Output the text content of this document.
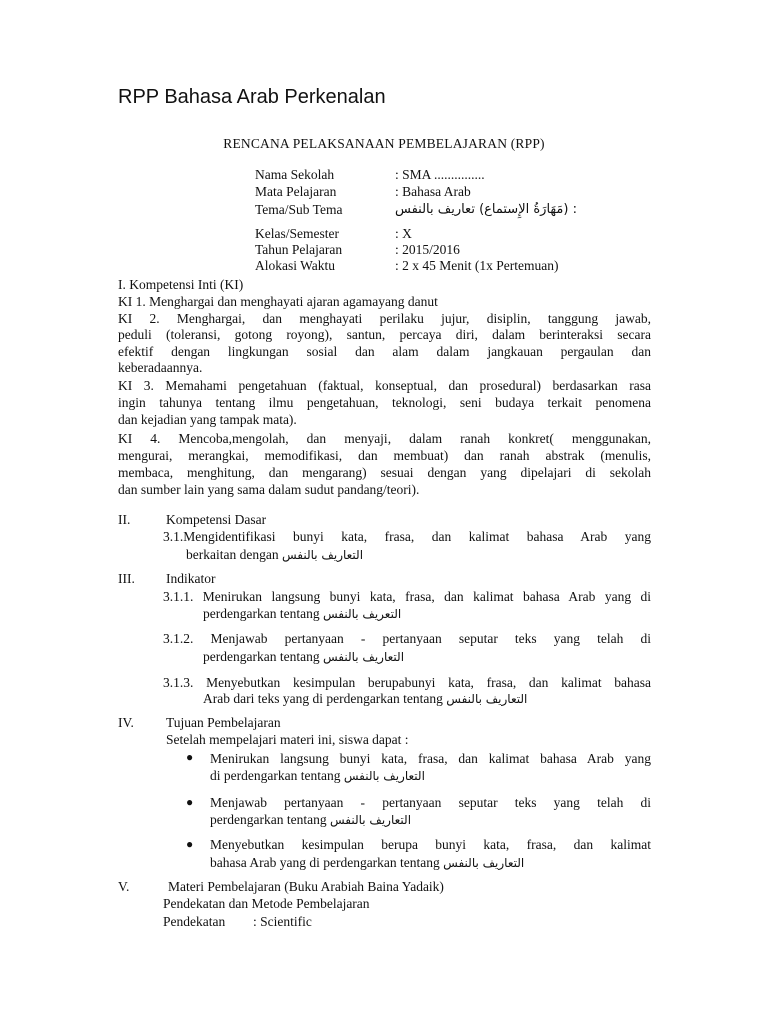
RPP Bahasa Arab Perkenalan
RENCANA PELAKSANAAN PEMBELAJARAN (RPP)
Nama Sekolah	: SMA ...............
Mata Pelajaran	: Bahasa Arab
Tema/Sub Tema	: (مَهَارَةُ الإِستماع) تعاريف بالنفس
Kelas/Semester	: X
Tahun Pelajaran	: 2015/2016
Alokasi Waktu	: 2 x 45 Menit (1x Pertemuan)
I. Kompetensi Inti (KI)
KI 1. Menghargai dan menghayati ajaran agamayang danut
KI 2. Menghargai, dan menghayati perilaku jujur, disiplin, tanggung jawab,
peduli (toleransi, gotong royong), santun, percaya diri, dalam berinteraksi secara
efektif dengan lingkungan sosial dan alam dalam jangkauan pergaulan dan
keberadaannya.
KI 3. Memahami pengetahuan (faktual, konseptual, dan prosedural) berdasarkan rasa
ingin tahunya tentang ilmu pengetahuan, teknologi, seni budaya terkait penomena
dan kejadian yang tampak mata).
KI 4. Mencoba,mengolah, dan menyaji, dalam ranah konkret( menggunakan,
mengurai, merangkai, memodifikasi, dan membuat) dan ranah abstrak (menulis,
membaca, menghitung, dan mengarang) sesuai dengan yang dipelajari di sekolah
dan sumber lain yang sama dalam sudut pandang/teori).
II.	Kompetensi Dasar
3.1.Mengidentifikasi bunyi kata, frasa, dan kalimat bahasa Arab yang
berkaitan dengan التعاريف بالنفس
III. Indikator
3.1.1. Menirukan langsung bunyi kata, frasa, dan kalimat bahasa Arab yang di
perdengarkan tentang التعريف بالنفس
3.1.2. Menjawab pertanyaan - pertanyaan seputar teks yang telah di
perdengarkan tentang التعاريف بالنفس
3.1.3. Menyebutkan kesimpulan berupabunyi kata, frasa, dan kalimat bahasa
Arab dari teks yang di perdengarkan tentang التعاريف بالنفس
IV. Tujuan Pembelajaran
Setelah mempelajari materi ini, siswa dapat :
● Menirukan langsung bunyi kata, frasa, dan kalimat bahasa Arab yang
di perdengarkan tentang التعاريف بالنفس
● Menjawab pertanyaan - pertanyaan seputar teks yang telah di
perdengarkan tentang التعاريف بالنفس
● Menyebutkan kesimpulan berupa bunyi kata, frasa, dan kalimat
bahasa Arab yang di perdengarkan tentang التعاريف بالنفس
V.	Materi Pembelajaran (Buku Arabiah Baina Yadaik)
Pendekatan dan Metode Pembelajaran
Pendekatan : Scientific
